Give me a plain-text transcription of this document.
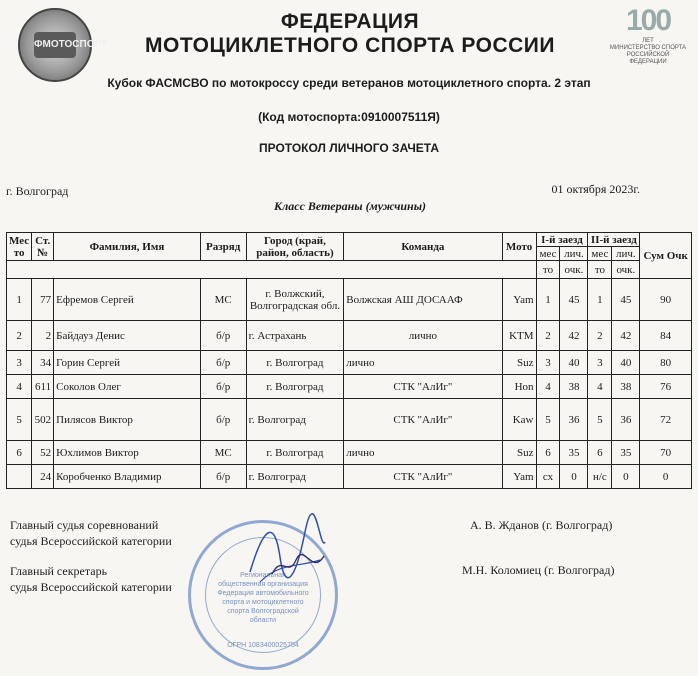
ФМОТОСПОРТ
100
ЛЕТ
МИНИСТЕРСТВО СПОРТА
РОССИЙСКОЙ ФЕДЕРАЦИИ
ФЕДЕРАЦИЯ
МОТОЦИКЛЕТНОГО СПОРТА РОССИИ
Кубок ФАСМСВО по мотокроссу среди ветеранов мотоциклетного спорта. 2 этап
(Код мотоспорта:0910007511Я)
ПРОТОКОЛ ЛИЧНОГО ЗАЧЕТА
г. Волгоград	01 октября 2023г.
Класс Ветераны (мужчины)
Мес то	Ст. №	Фамилия, Имя	Разряд	Город (край, район, область)	Команда	Мото	I-й заезд		II-й заезд		Сум Очк
							мес	лич.	мес	лич.	
							то	очк.	то	очк.	
1	77	Ефремов Сергей	МС	г. Волжский, Волгоградская обл.	Волжская АШ ДОСААФ	Yam	1	45	1	45	90
2	2	Байдауз Денис	б/р	г. Астрахань	лично	KTM	2	42	2	42	84
3	34	Горин Сергей	б/р	г. Волгоград	лично	Suz	3	40	3	40	80
4	611	Соколов Олег	б/р	г. Волгоград	СТК "АлИг"	Hon	4	38	4	38	76
5	502	Пилясов Виктор	б/р	г. Волгоград	СТК "АлИг"	Kaw	5	36	5	36	72
6	52	Юхлимов Виктор	МС	г. Волгоград	лично	Suz	6	35	6	35	70
	24	Коробченко Владимир	б/р	г. Волгоград	СТК "АлИг"	Yam	сх	0	н/с	0	0
Главный судья соревнований
судья Всероссийской категории
А. В. Жданов (г. Волгоград)
Главный секретарь
судья Всероссийской категории
М.Н. Коломиец (г. Волгоград)
Региональная общественная организация Федерация автомобильного спорта и мотоциклетного спорта Волгоградской области
ОГРН 1083400025754
